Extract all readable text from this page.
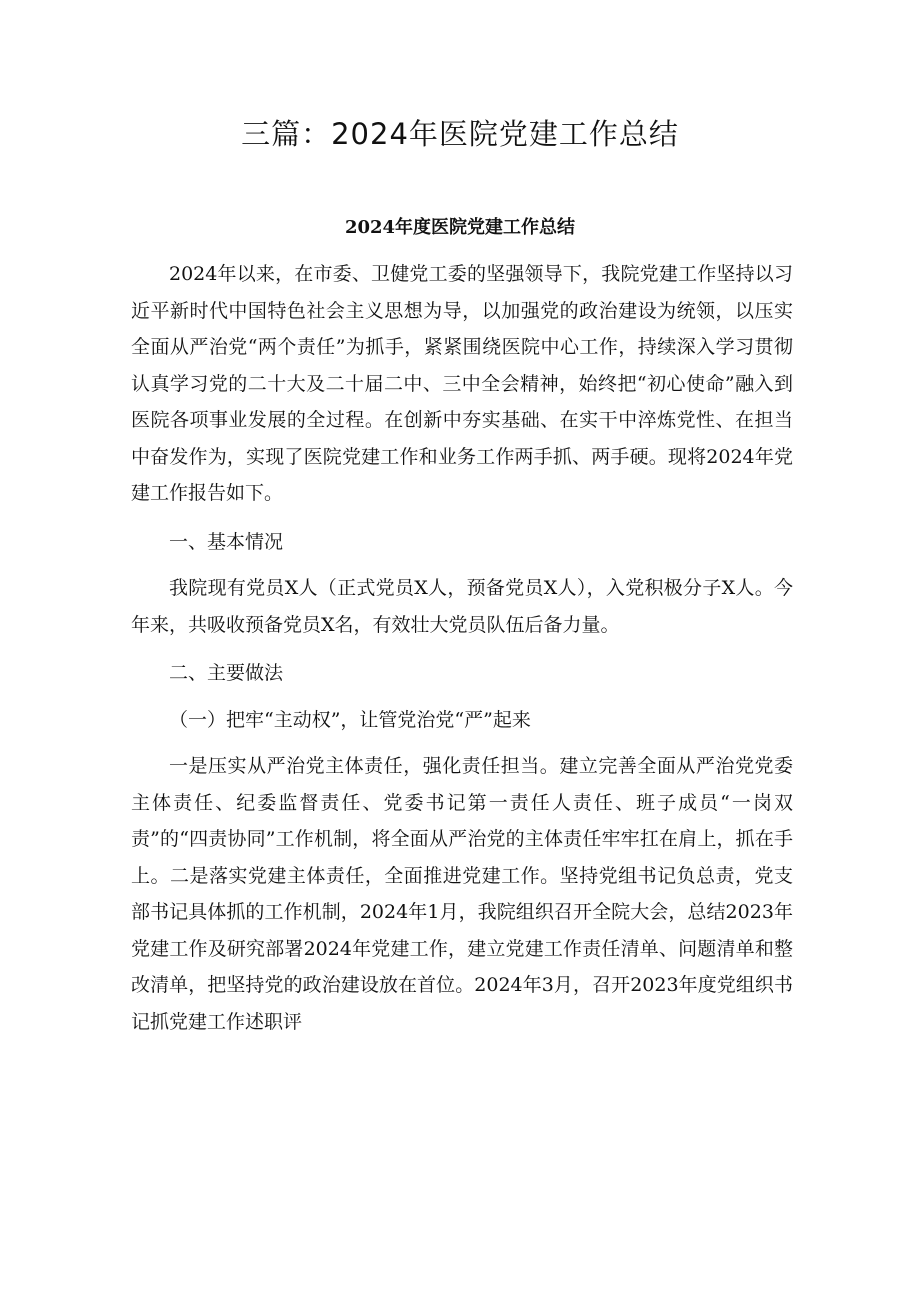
三篇：2024年医院党建工作总结
2024年度医院党建工作总结

2024年以来，在市委、卫健党工委的坚强领导下，我院党建工作坚持以习近平新时代中国特色社会主义思想为导，以加强党的政治建设为统领，以压实全面从严治党“两个责任”为抓手，紧紧围绕医院中心工作，持续深入学习贯彻认真学习党的二十大及二十届二中、三中全会精神，始终把“初心使命”融入到医院各项事业发展的全过程。在创新中夯实基础、在实干中淬炼党性、在担当中奋发作为，实现了医院党建工作和业务工作两手抓、两手硬。现将2024年党建工作报告如下。

一、基本情况

我院现有党员X人（正式党员X人，预备党员X人），入党积极分子X人。今年来，共吸收预备党员X名，有效壮大党员队伍后备力量。

二、主要做法

（一）把牢“主动权”，让管党治党“严”起来

一是压实从严治党主体责任，强化责任担当。建立完善全面从严治党党委主体责任、纪委监督责任、党委书记第一责任人责任、班子成员“一岗双责”的“四责协同”工作机制，将全面从严治党的主体责任牢牢扛在肩上，抓在手上。二是落实党建主体责任，全面推进党建工作。坚持党组书记负总责，党支部书记具体抓的工作机制，2024年1月，我院组织召开全院大会，总结2023年党建工作及研究部署2024年党建工作，建立党建工作责任清单、问题清单和整改清单，把坚持党的政治建设放在首位。2024年3月，召开2023年度党组织书记抓党建工作述职评
